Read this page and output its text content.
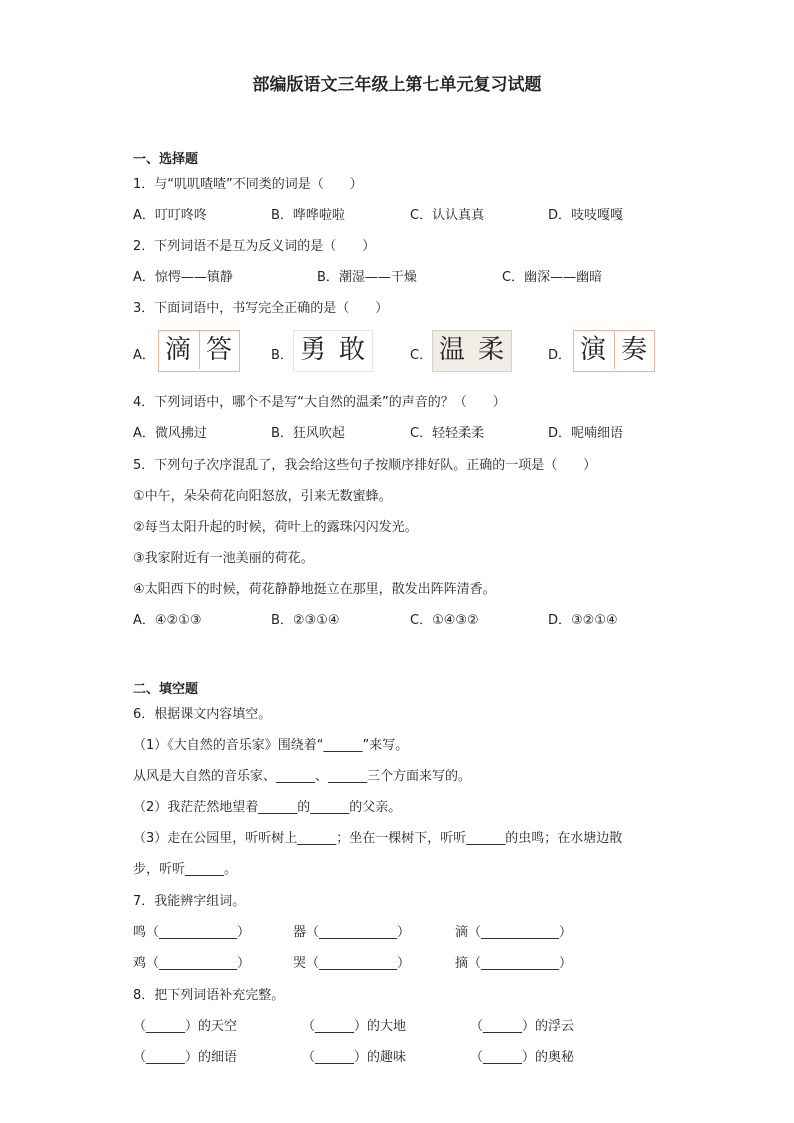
部编版语文三年级上第七单元复习试题
一、选择题
1．与“叽叽喳喳”不同类的词是（　　）
A．叮叮咚咚	B．哗哗啦啦	C．认认真真	D．吱吱嘎嘎
2．下列词语不是互为反义词的是（　　）
A．惊愕——镇静	B．潮湿——干燥	C．幽深——幽暗
3．下面词语中，书写完全正确的是（　　）
A． 滴 答	B． 勇 敢	C． 温 柔	D． 演 奏
4．下列词语中，哪个不是写“大自然的温柔”的声音的？（　　）
A．微风拂过	B．狂风吹起	C．轻轻柔柔	D．呢喃细语
5．下列句子次序混乱了，我会给这些句子按顺序排好队。正确的一项是（　　）
①中午，朵朵荷花向阳怒放，引来无数蜜蜂。
②每当太阳升起的时候，荷叶上的露珠闪闪发光。
③我家附近有一池美丽的荷花。
④太阳西下的时候，荷花静静地挺立在那里，散发出阵阵清香。
A．④②①③	B．②③①④	C．①④③②	D．③②①④
二、填空题
6．根据课文内容填空。
（1）《大自然的音乐家》围绕着“______”来写。
从风是大自然的音乐家、______、______三个方面来写的。
（2）我茫茫然地望着______的______的父亲。
（3）走在公园里，听听树上______；坐在一棵树下，听听______的虫鸣；在水塘边散
步，听听______。
7．我能辨字组词。
鸣（____________）	器（____________）	滴（____________）
鸡（____________）	哭（____________）	摘（____________）
8．把下列词语补充完整。
（______）的天空	（______）的大地	（______）的浮云
（______）的细语	（______）的趣味	（______）的奥秘
